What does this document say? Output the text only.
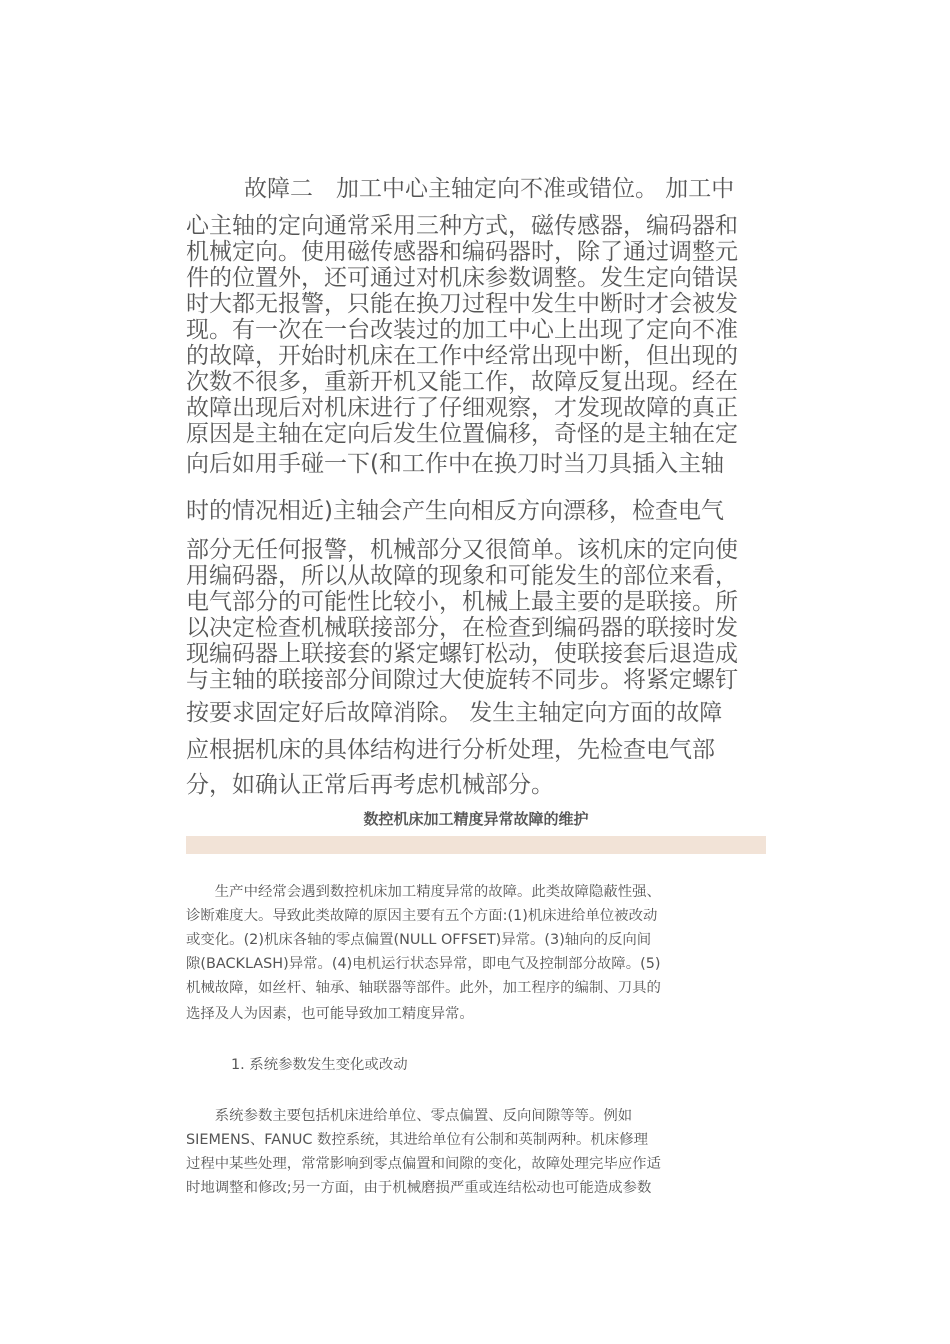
故障二　加工中心主轴定向不准或错位。 加工中
心主轴的定向通常采用三种方式，磁传感器，编码器和
机械定向。使用磁传感器和编码器时，除了通过调整元
件的位置外，还可通过对机床参数调整。发生定向错误
时大都无报警，只能在换刀过程中发生中断时才会被发
现。有一次在一台改装过的加工中心上出现了定向不准
的故障，开始时机床在工作中经常出现中断，但出现的
次数不很多，重新开机又能工作，故障反复出现。经在
故障出现后对机床进行了仔细观察，才发现故障的真正
原因是主轴在定向后发生位置偏移，奇怪的是主轴在定
向后如用手碰一下(和工作中在换刀时当刀具插入主轴
时的情况相近)主轴会产生向相反方向漂移，检查电气
部分无任何报警，机械部分又很简单。该机床的定向使
用编码器，所以从故障的现象和可能发生的部位来看，
电气部分的可能性比较小，机械上最主要的是联接。所
以决定检查机械联接部分，在检查到编码器的联接时发
现编码器上联接套的紧定螺钉松动，使联接套后退造成
与主轴的联接部分间隙过大使旋转不同步。将紧定螺钉
按要求固定好后故障消除。 发生主轴定向方面的故障
应根据机床的具体结构进行分析处理，先检查电气部
分，如确认正常后再考虑机械部分。
数控机床加工精度异常故障的维护
　　生产中经常会遇到数控机床加工精度异常的故障。此类故障隐蔽性强、
诊断难度大。导致此类故障的原因主要有五个方面:(1)机床进给单位被改动
或变化。(2)机床各轴的零点偏置(NULL OFFSET)异常。(3)轴向的反向间
隙(BACKLASH)异常。(4)电机运行状态异常，即电气及控制部分故障。(5)
机械故障，如丝杆、轴承、轴联器等部件。此外，加工程序的编制、刀具的
选择及人为因素，也可能导致加工精度异常。
1. 系统参数发生变化或改动
　　系统参数主要包括机床进给单位、零点偏置、反向间隙等等。例如
SIEMENS、FANUC 数控系统，其进给单位有公制和英制两种。机床修理
过程中某些处理，常常影响到零点偏置和间隙的变化，故障处理完毕应作适
时地调整和修改;另一方面，由于机械磨损严重或连结松动也可能造成参数
